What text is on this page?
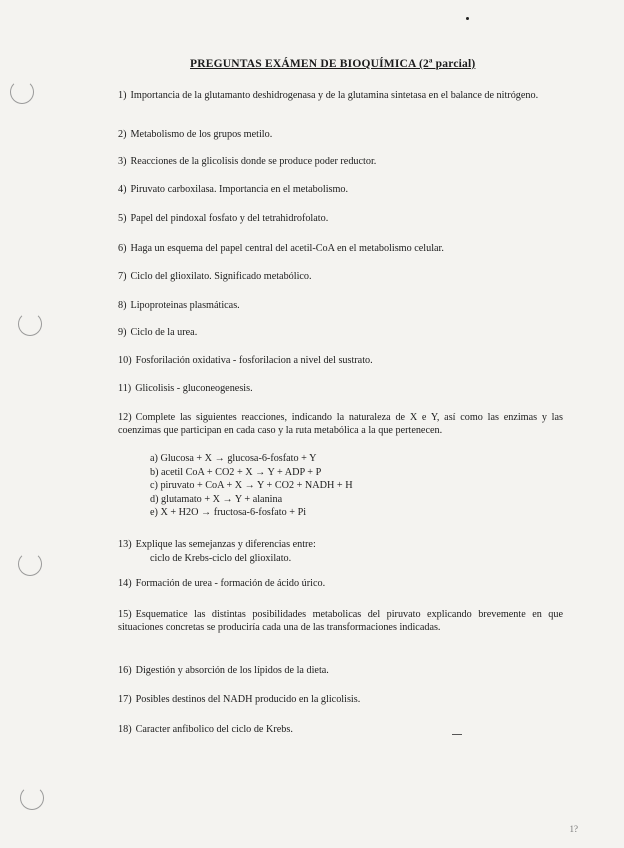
PREGUNTAS EXÁMEN DE BIOQUÍMICA (2ª parcial)
1) Importancia de la glutamanto deshidrogenasa y de la glutamina sintetasa en el balance de nitrógeno.
2) Metabolismo de los grupos metilo.
3) Reacciones de la glicolisis donde se produce poder reductor.
4) Piruvato carboxilasa. Importancia en el metabolismo.
5) Papel del pindoxal fosfato y del tetrahidrofolato.
6) Haga un esquema del papel central del acetil-CoA en el metabolismo celular.
7) Ciclo del glioxilato. Significado metabólico.
8) Lipoproteinas plasmáticas.
9) Ciclo de la urea.
10) Fosforilación oxidativa - fosforilacion a nivel del sustrato.
11) Glicolisis - gluconeogenesis.
12) Complete las siguientes reacciones, indicando la naturaleza de X e Y, así como las enzimas y las coenzimas que participan en cada caso y la ruta metabólica a la que pertenecen.
a) Glucosa + X → glucosa-6-fosfato + Y
b) acetil CoA + CO2 + X → Y + ADP + P
c) piruvato + CoA + X → Y + CO2 + NADH + H
d) glutamato + X → Y + alanina
e) X + H2O → fructosa-6-fosfato + Pi
13) Explique las semejanzas y diferencias entre:
ciclo de Krebs-ciclo del glioxilato.
14) Formación de urea - formación de ácido úrico.
15) Esquematice las distintas posibilidades metabolicas del piruvato explicando brevemente en que situaciones concretas se produciría cada una de las transformaciones indicadas.
16) Digestión y absorción de los lípidos de la dieta.
17) Posibles destinos del NADH producido en la glicolisis.
18) Caracter anfibolico del ciclo de Krebs.
1?
